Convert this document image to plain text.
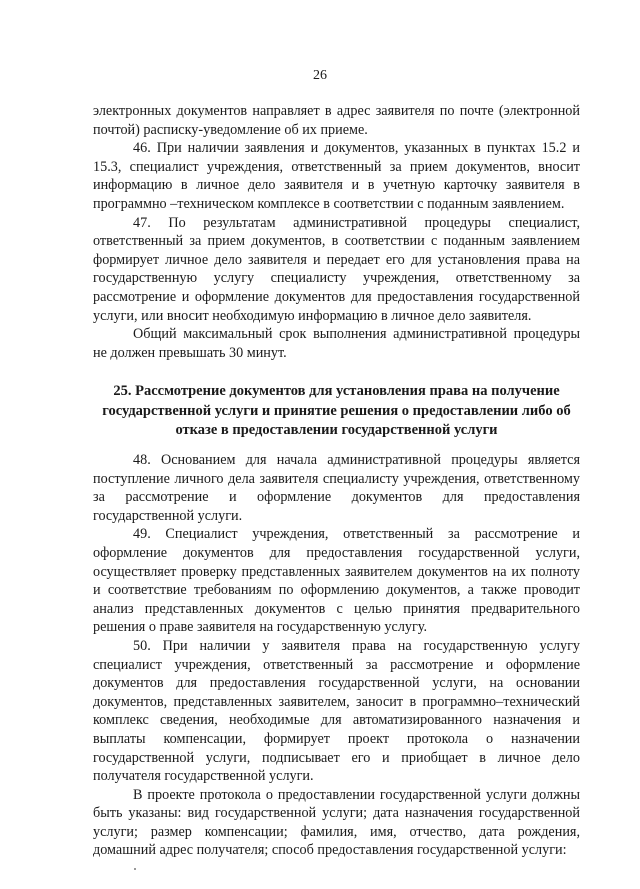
26

электронных документов направляет в адрес заявителя по почте (электронной почтой) расписку-уведомление об их приеме.

46. При наличии заявления и документов, указанных в пунктах 15.2 и 15.3, специалист учреждения, ответственный за прием документов, вносит информацию в личное дело заявителя и в учетную карточку заявителя в программно –техническом комплексе в соответствии с поданным заявлением.

47. По результатам административной процедуры специалист, ответственный за прием документов, в соответствии с поданным заявлением формирует личное дело заявителя и передает его для установления права на государственную услугу специалисту учреждения, ответственному за рассмотрение и оформление документов для предоставления государственной услуги, или вносит необходимую информацию в личное дело заявителя.

Общий максимальный срок выполнения административной процедуры не должен превышать 30 минут.

25. Рассмотрение документов для установления права на получение государственной услуги и принятие решения о предоставлении либо об отказе в предоставлении государственной услуги

48. Основанием для начала административной процедуры является поступление личного дела заявителя специалисту учреждения, ответственному за рассмотрение и оформление документов для предоставления государственной услуги.

49. Специалист учреждения, ответственный за рассмотрение и оформление документов для предоставления государственной услуги, осуществляет проверку представленных заявителем документов на их полноту и соответствие требованиям по оформлению документов, а также проводит анализ представленных документов с целью принятия предварительного решения о праве заявителя на государственную услугу.

50. При наличии у заявителя права на государственную услугу специалист учреждения, ответственный за рассмотрение и оформление документов для предоставления государственной услуги, на основании документов, представленных заявителем, заносит в программно–технический комплекс сведения, необходимые для автоматизированного назначения и выплаты компенсации, формирует проект протокола о назначении государственной услуги, подписывает его и приобщает в личное дело получателя государственной услуги.

В проекте протокола о предоставлении государственной услуги должны быть указаны: вид государственной услуги; дата назначения государственной услуги; размер компенсации; фамилия, имя, отчество, дата рождения, домашний адрес получателя; способ предоставления государственной услуги:
